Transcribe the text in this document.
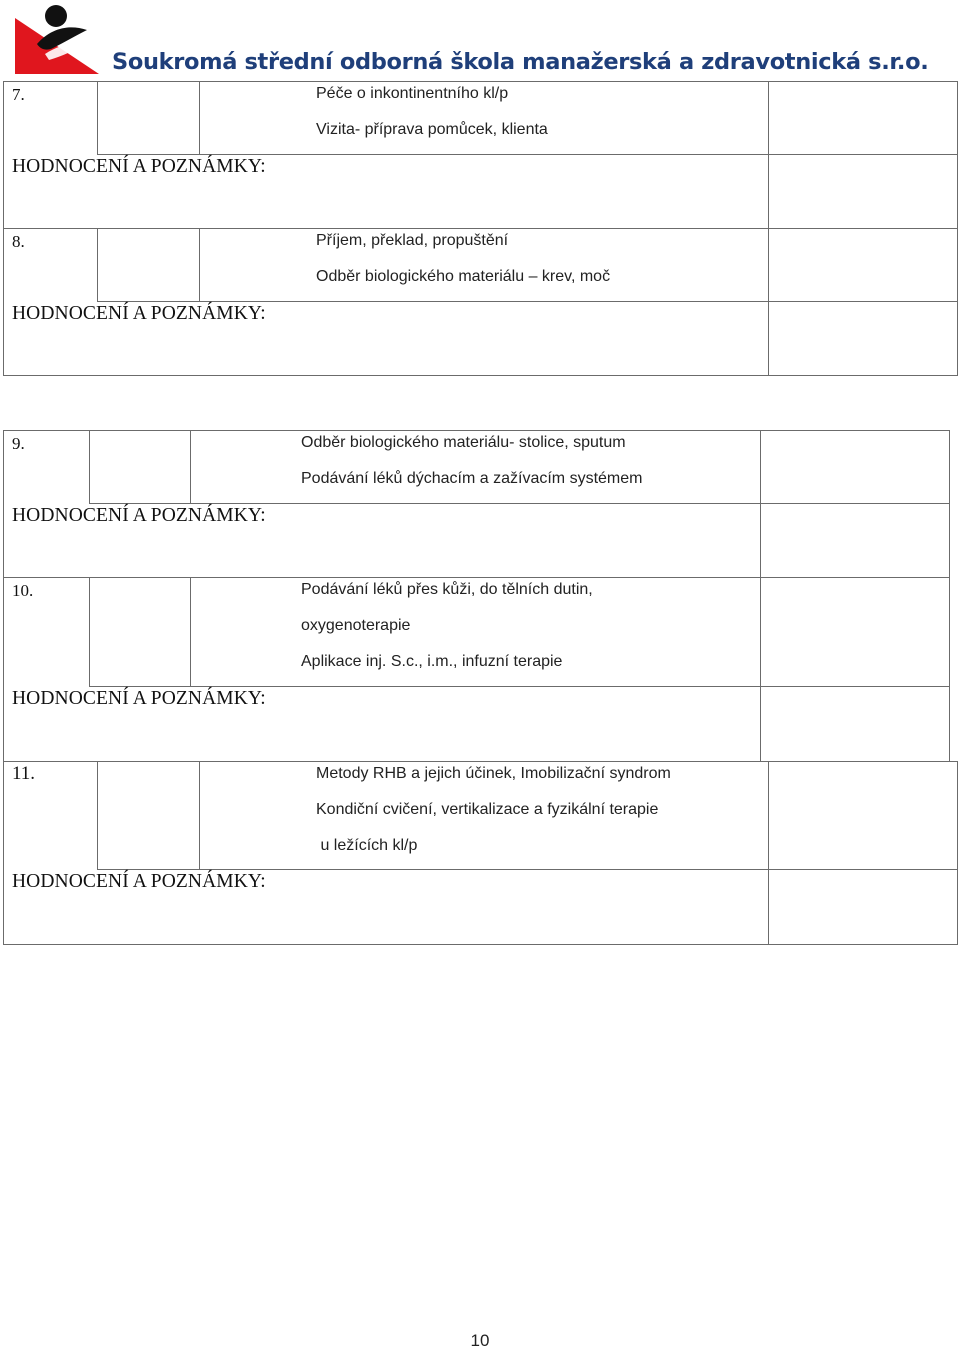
Soukromá střední odborná škola manažerská a zdravotnická s.r.o.
7.	Péče o inkontinentního kl/p
Vizita- příprava pomůcek, klienta
HODNOCENÍ A POZNÁMKY:
8.	Příjem, překlad, propuštění
Odběr biologického materiálu – krev, moč
HODNOCENÍ A POZNÁMKY:
9.	Odběr biologického materiálu- stolice, sputum
Podávání léků dýchacím a zažívacím systémem
HODNOCENÍ A POZNÁMKY:
10.	Podávání léků přes kůži, do tělních dutin,
oxygenoterapie
Aplikace inj. S.c., i.m., infuzní terapie
HODNOCENÍ A POZNÁMKY:
11.	Metody RHB a jejich účinek, Imobilizační syndrom
Kondiční cvičení, vertikalizace a fyzikální terapie
u ležících kl/p
HODNOCENÍ A POZNÁMKY:
10
